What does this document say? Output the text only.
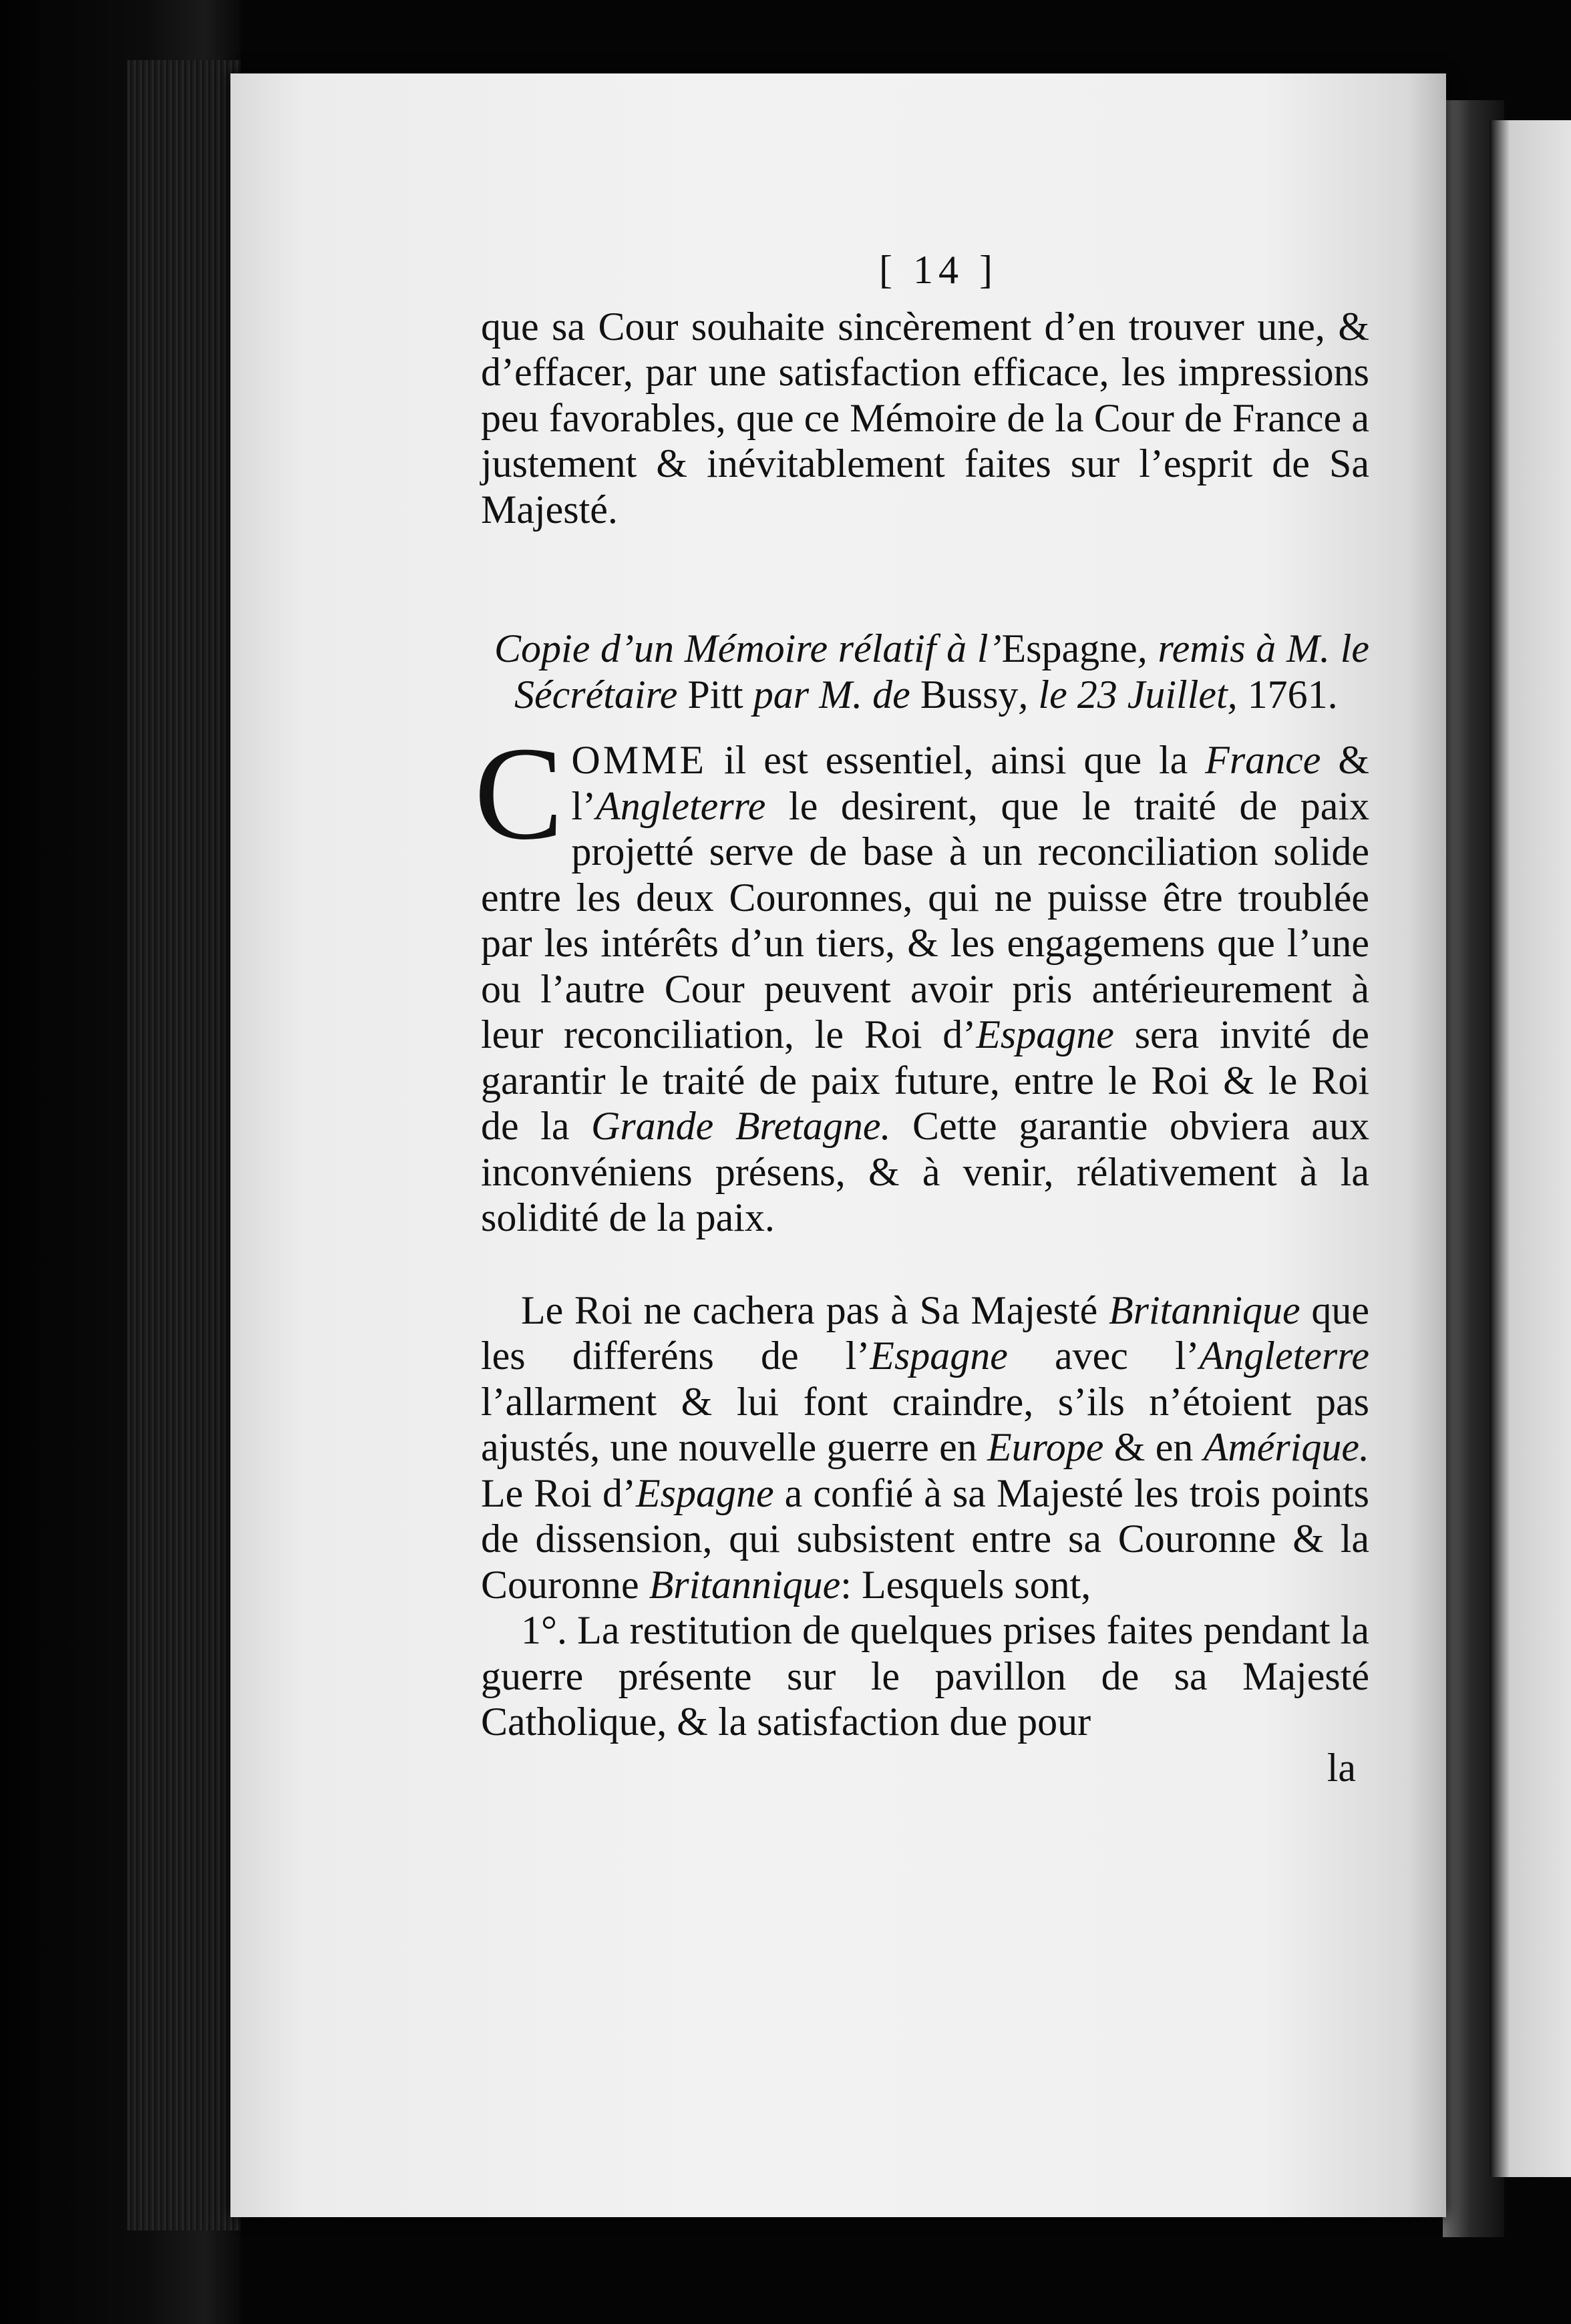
[ 14 ]

que sa Cour souhaite sincèrement d’en trouver une, & d’effacer, par une satisfaction efficace, les impressions peu favorables, que ce Mémoire de la Cour de France a justement & inévitablement faites sur l’esprit de Sa Majesté.

Copie d’un Mémoire rélatif à l’Espagne, remis à M. le Sécrétaire Pitt par M. de Bussy, le 23 Juillet, 1761.

COMME il est essentiel, ainsi que la France & l’Angleterre le desirent, que le traité de paix projetté serve de base à un reconciliation solide entre les deux Couronnes, qui ne puisse être troublée par les intérêts d’un tiers, & les engagemens que l’une ou l’autre Cour peuvent avoir pris antérieurement à leur reconciliation, le Roi d’Espagne sera invité de garantir le traité de paix future, entre le Roi & le Roi de la Grande Bretagne. Cette garantie obviera aux inconvéniens présens, & à venir, rélativement à la solidité de la paix.

Le Roi ne cachera pas à Sa Majesté Britannique que les differéns de l’Espagne avec l’Angleterre l’allarment & lui font craindre, s’ils n’étoient pas ajustés, une nouvelle guerre en Europe & en Amérique. Le Roi d’Espagne a confié à sa Majesté les trois points de dissension, qui subsistent entre sa Couronne & la Couronne Britannique: Lesquels sont,

1°. La restitution de quelques prises faites pendant la guerre présente sur le pavillon de sa Majesté Catholique, & la satisfaction due pour

la
